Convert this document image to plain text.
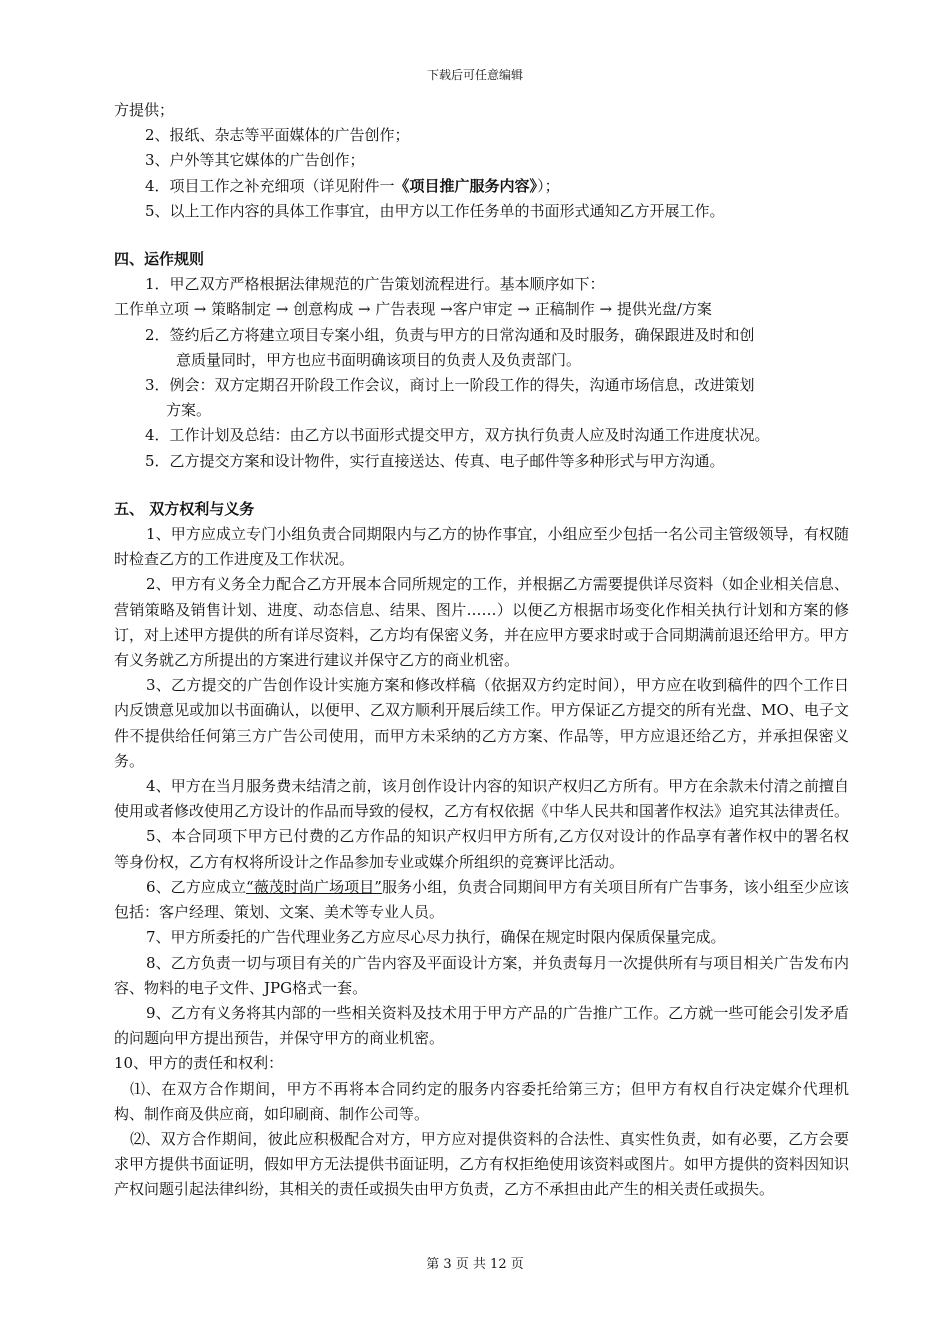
下载后可任意编辑

方提供；

2、报纸、杂志等平面媒体的广告创作；

3、户外等其它媒体的广告创作；

4．项目工作之补充细项（详见附件一《项目推广服务内容》）；

5、以上工作内容的具体工作事宜，由甲方以工作任务单的书面形式通知乙方开展工作。

四、运作规则

1．甲乙双方严格根据法律规范的广告策划流程进行。基本顺序如下：

工作单立项 → 策略制定 → 创意构成 → 广告表现 →客户审定 → 正稿制作 → 提供光盘/方案

2．签约后乙方将建立项目专案小组，负责与甲方的日常沟通和及时服务，确保跟进及时和创

意质量同时，甲方也应书面明确该项目的负责人及负责部门。

3．例会：双方定期召开阶段工作会议，商讨上一阶段工作的得失，沟通市场信息，改进策划

方案。

4．工作计划及总结：由乙方以书面形式提交甲方，双方执行负责人应及时沟通工作进度状况。

5．乙方提交方案和设计物件，实行直接送达、传真、电子邮件等多种形式与甲方沟通。

五、 双方权利与义务

1、甲方应成立专门小组负责合同期限内与乙方的协作事宜，小组应至少包括一名公司主管级领导，有权随时检查乙方的工作进度及工作状况。

2、甲方有义务全力配合乙方开展本合同所规定的工作，并根据乙方需要提供详尽资料（如企业相关信息、营销策略及销售计划、进度、动态信息、结果、图片……）以便乙方根据市场变化作相关执行计划和方案的修订，对上述甲方提供的所有详尽资料，乙方均有保密义务，并在应甲方要求时或于合同期满前退还给甲方。甲方有义务就乙方所提出的方案进行建议并保守乙方的商业机密。

3、乙方提交的广告创作设计实施方案和修改样稿（依据双方约定时间），甲方应在收到稿件的四个工作日内反馈意见或加以书面确认，以便甲、乙双方顺利开展后续工作。甲方保证乙方提交的所有光盘、MO、电子文件不提供给任何第三方广告公司使用，而甲方未采纳的乙方方案、作品等，甲方应退还给乙方，并承担保密义务。

4、甲方在当月服务费未结清之前，该月创作设计内容的知识产权归乙方所有。甲方在余款未付清之前擅自使用或者修改使用乙方设计的作品而导致的侵权，乙方有权依据《中华人民共和国著作权法》追究其法律责任。

5、本合同项下甲方已付费的乙方作品的知识产权归甲方所有,乙方仅对设计的作品享有著作权中的署名权等身份权，乙方有权将所设计之作品参加专业或媒介所组织的竞赛评比活动。

6、乙方应成立“薇茂时尚广场项目”服务小组，负责合同期间甲方有关项目所有广告事务，该小组至少应该包括：客户经理、策划、文案、美术等专业人员。

7、甲方所委托的广告代理业务乙方应尽心尽力执行，确保在规定时限内保质保量完成。

8、乙方负责一切与项目有关的广告内容及平面设计方案，并负责每月一次提供所有与项目相关广告发布内容、物料的电子文件、JPG格式一套。

9、乙方有义务将其内部的一些相关资料及技术用于甲方产品的广告推广工作。乙方就一些可能会引发矛盾的问题向甲方提出预告，并保守甲方的商业机密。

10、甲方的责任和权利：

⑴、在双方合作期间，甲方不再将本合同约定的服务内容委托给第三方；但甲方有权自行决定媒介代理机构、制作商及供应商，如印刷商、制作公司等。

⑵、双方合作期间，彼此应积极配合对方，甲方应对提供资料的合法性、真实性负责，如有必要，乙方会要求甲方提供书面证明，假如甲方无法提供书面证明，乙方有权拒绝使用该资料或图片。如甲方提供的资料因知识产权问题引起法律纠纷，其相关的责任或损失由甲方负责，乙方不承担由此产生的相关责任或损失。

第 3 页 共 12 页
